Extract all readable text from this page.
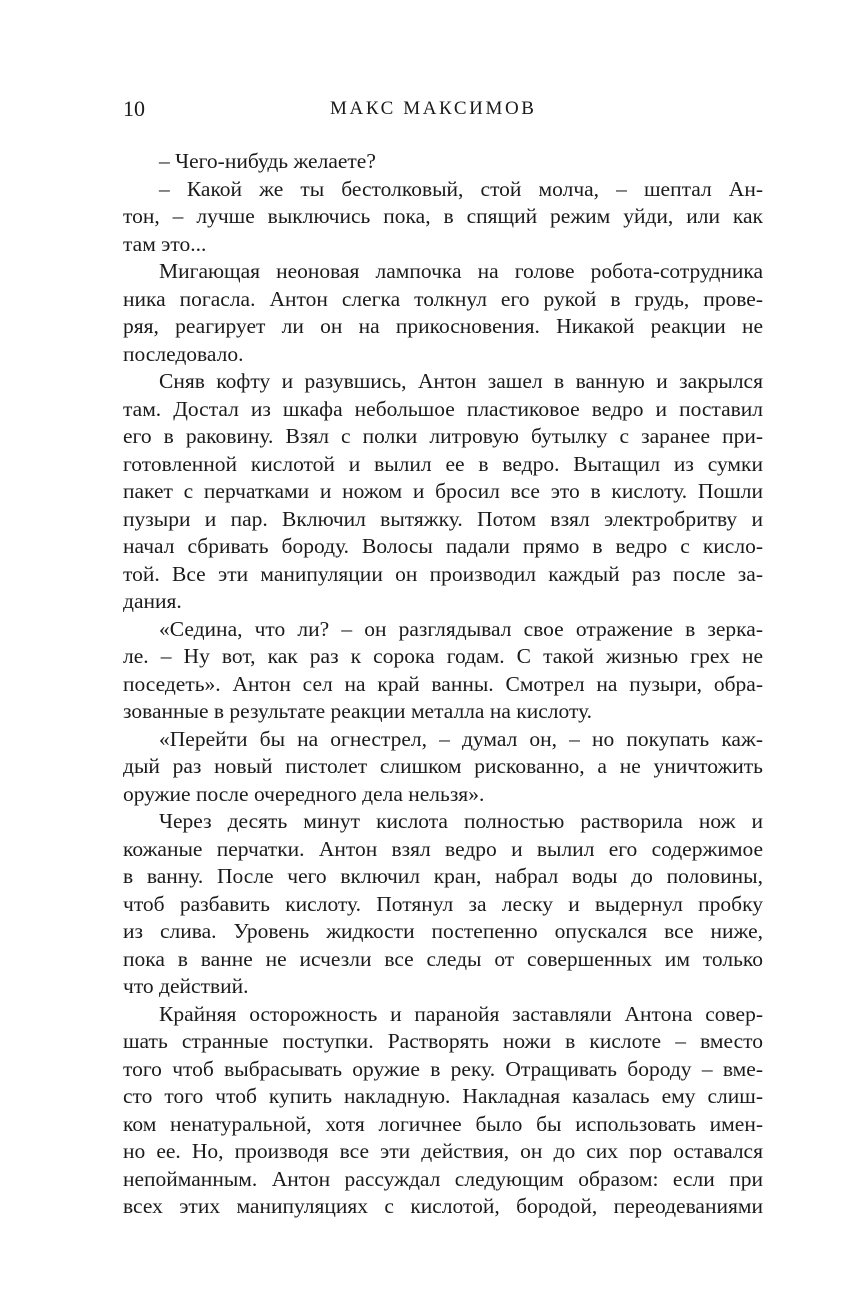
10	МАКС МАКСИМОВ
– Чего-нибудь желаете?
– Какой же ты бестолковый, стой молча, – шептал Ан-
тон, – лучше выключись пока, в спящий режим уйди, или как
там это...
Мигающая неоновая лампочка на голове робота-сотрудника
ника погасла. Антон слегка толкнул его рукой в грудь, прове-
ряя, реагирует ли он на прикосновения. Никакой реакции не
последовало.
Сняв кофту и разувшись, Антон зашел в ванную и закрылся
там. Достал из шкафа небольшое пластиковое ведро и поставил
его в раковину. Взял с полки литровую бутылку с заранее при-
готовленной кислотой и вылил ее в ведро. Вытащил из сумки
пакет с перчатками и ножом и бросил все это в кислоту. Пошли
пузыри и пар. Включил вытяжку. Потом взял электробритву и
начал сбривать бороду. Волосы падали прямо в ведро с кисло-
той. Все эти манипуляции он производил каждый раз после за-
дания.
«Седина, что ли? – он разглядывал свое отражение в зерка-
ле. – Ну вот, как раз к сорока годам. С такой жизнью грех не
поседеть». Антон сел на край ванны. Смотрел на пузыри, обра-
зованные в результате реакции металла на кислоту.
«Перейти бы на огнестрел, – думал он, – но покупать каж-
дый раз новый пистолет слишком рискованно, а не уничтожить
оружие после очередного дела нельзя».
Через десять минут кислота полностью растворила нож и
кожаные перчатки. Антон взял ведро и вылил его содержимое
в ванну. После чего включил кран, набрал воды до половины,
чтоб разбавить кислоту. Потянул за леску и выдернул пробку
из слива. Уровень жидкости постепенно опускался все ниже,
пока в ванне не исчезли все следы от совершенных им только
что действий.
Крайняя осторожность и паранойя заставляли Антона совер-
шать странные поступки. Растворять ножи в кислоте – вместо
того чтоб выбрасывать оружие в реку. Отращивать бороду – вме-
сто того чтоб купить накладную. Накладная казалась ему слиш-
ком ненатуральной, хотя логичнее было бы использовать имен-
но ее. Но, производя все эти действия, он до сих пор оставался
непойманным. Антон рассуждал следующим образом: если при
всех этих манипуляциях с кислотой, бородой, переодеваниями
